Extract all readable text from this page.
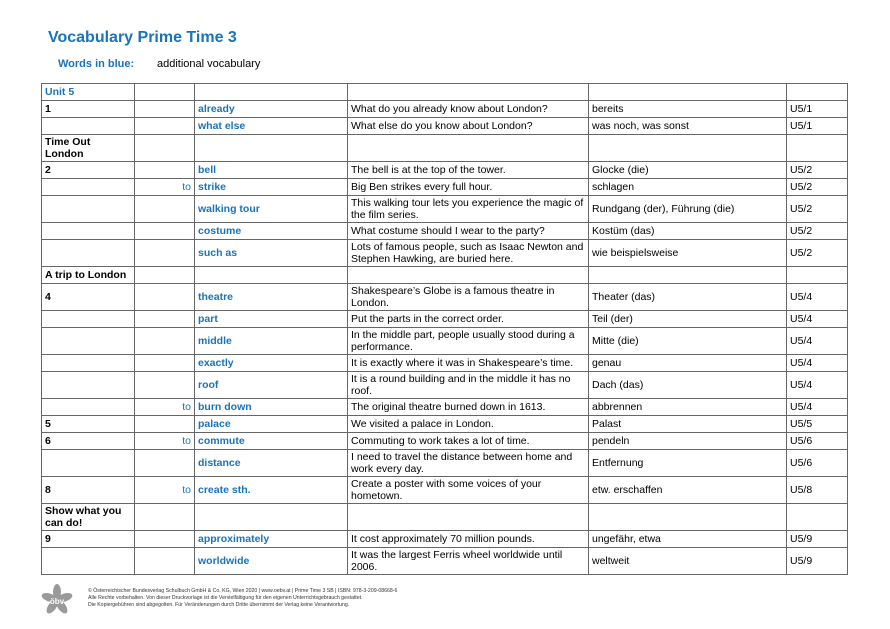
Vocabulary Prime Time 3
Words in blue: additional vocabulary
Unit 5					
1		already	What do you already know about London?	bereits	U5/1
		what else	What else do you know about London?	was noch, was sonst	U5/1
Time Out London					
2		bell	The bell is at the top of the tower.	Glocke (die)	U5/2
	to	strike	Big Ben strikes every full hour.	schlagen	U5/2
		walking tour	This walking tour lets you experience the magic of the film series.	Rundgang (der), Führung (die)	U5/2
		costume	What costume should I wear to the party?	Kostüm (das)	U5/2
		such as	Lots of famous people, such as Isaac Newton and Stephen Hawking, are buried here.	wie beispielsweise	U5/2
A trip to London					
4		theatre	Shakespeare’s Globe is a famous theatre in London.	Theater (das)	U5/4
		part	Put the parts in the correct order.	Teil (der)	U5/4
		middle	In the middle part, people usually stood during a performance.	Mitte (die)	U5/4
		exactly	It is exactly where it was in Shakespeare’s time.	genau	U5/4
		roof	It is a round building and in the middle it has no roof.	Dach (das)	U5/4
	to	burn down	The original theatre burned down in 1613.	abbrennen	U5/4
5		palace	We visited a palace in London.	Palast	U5/5
6	to	commute	Commuting to work takes a lot of time.	pendeln	U5/6
		distance	I need to travel the distance between home and work every day.	Entfernung	U5/6
8	to	create sth.	Create a poster with some voices of your hometown.	etw. erschaffen	U5/8
Show what you can do!					
9		approximately	It cost approximately 70 million pounds.	ungefähr, etwa	U5/9
		worldwide	It was the largest Ferris wheel worldwide until 2006.	weltweit	U5/9
öbv
© Österreichischer Bundesverlag Schulbuch GmbH & Co. KG, Wien 2020 | www.oebv.at | Prime Time 3 SB | ISBN: 978-3-209-08668-6
Alle Rechte vorbehalten. Von dieser Druckvorlage ist die Vervielfältigung für den eigenen Unterrichtsgebrauch gestattet.
Die Kopiergebühren sind abgegolten. Für Veränderungen durch Dritte übernimmt der Verlag keine Verantwortung.
